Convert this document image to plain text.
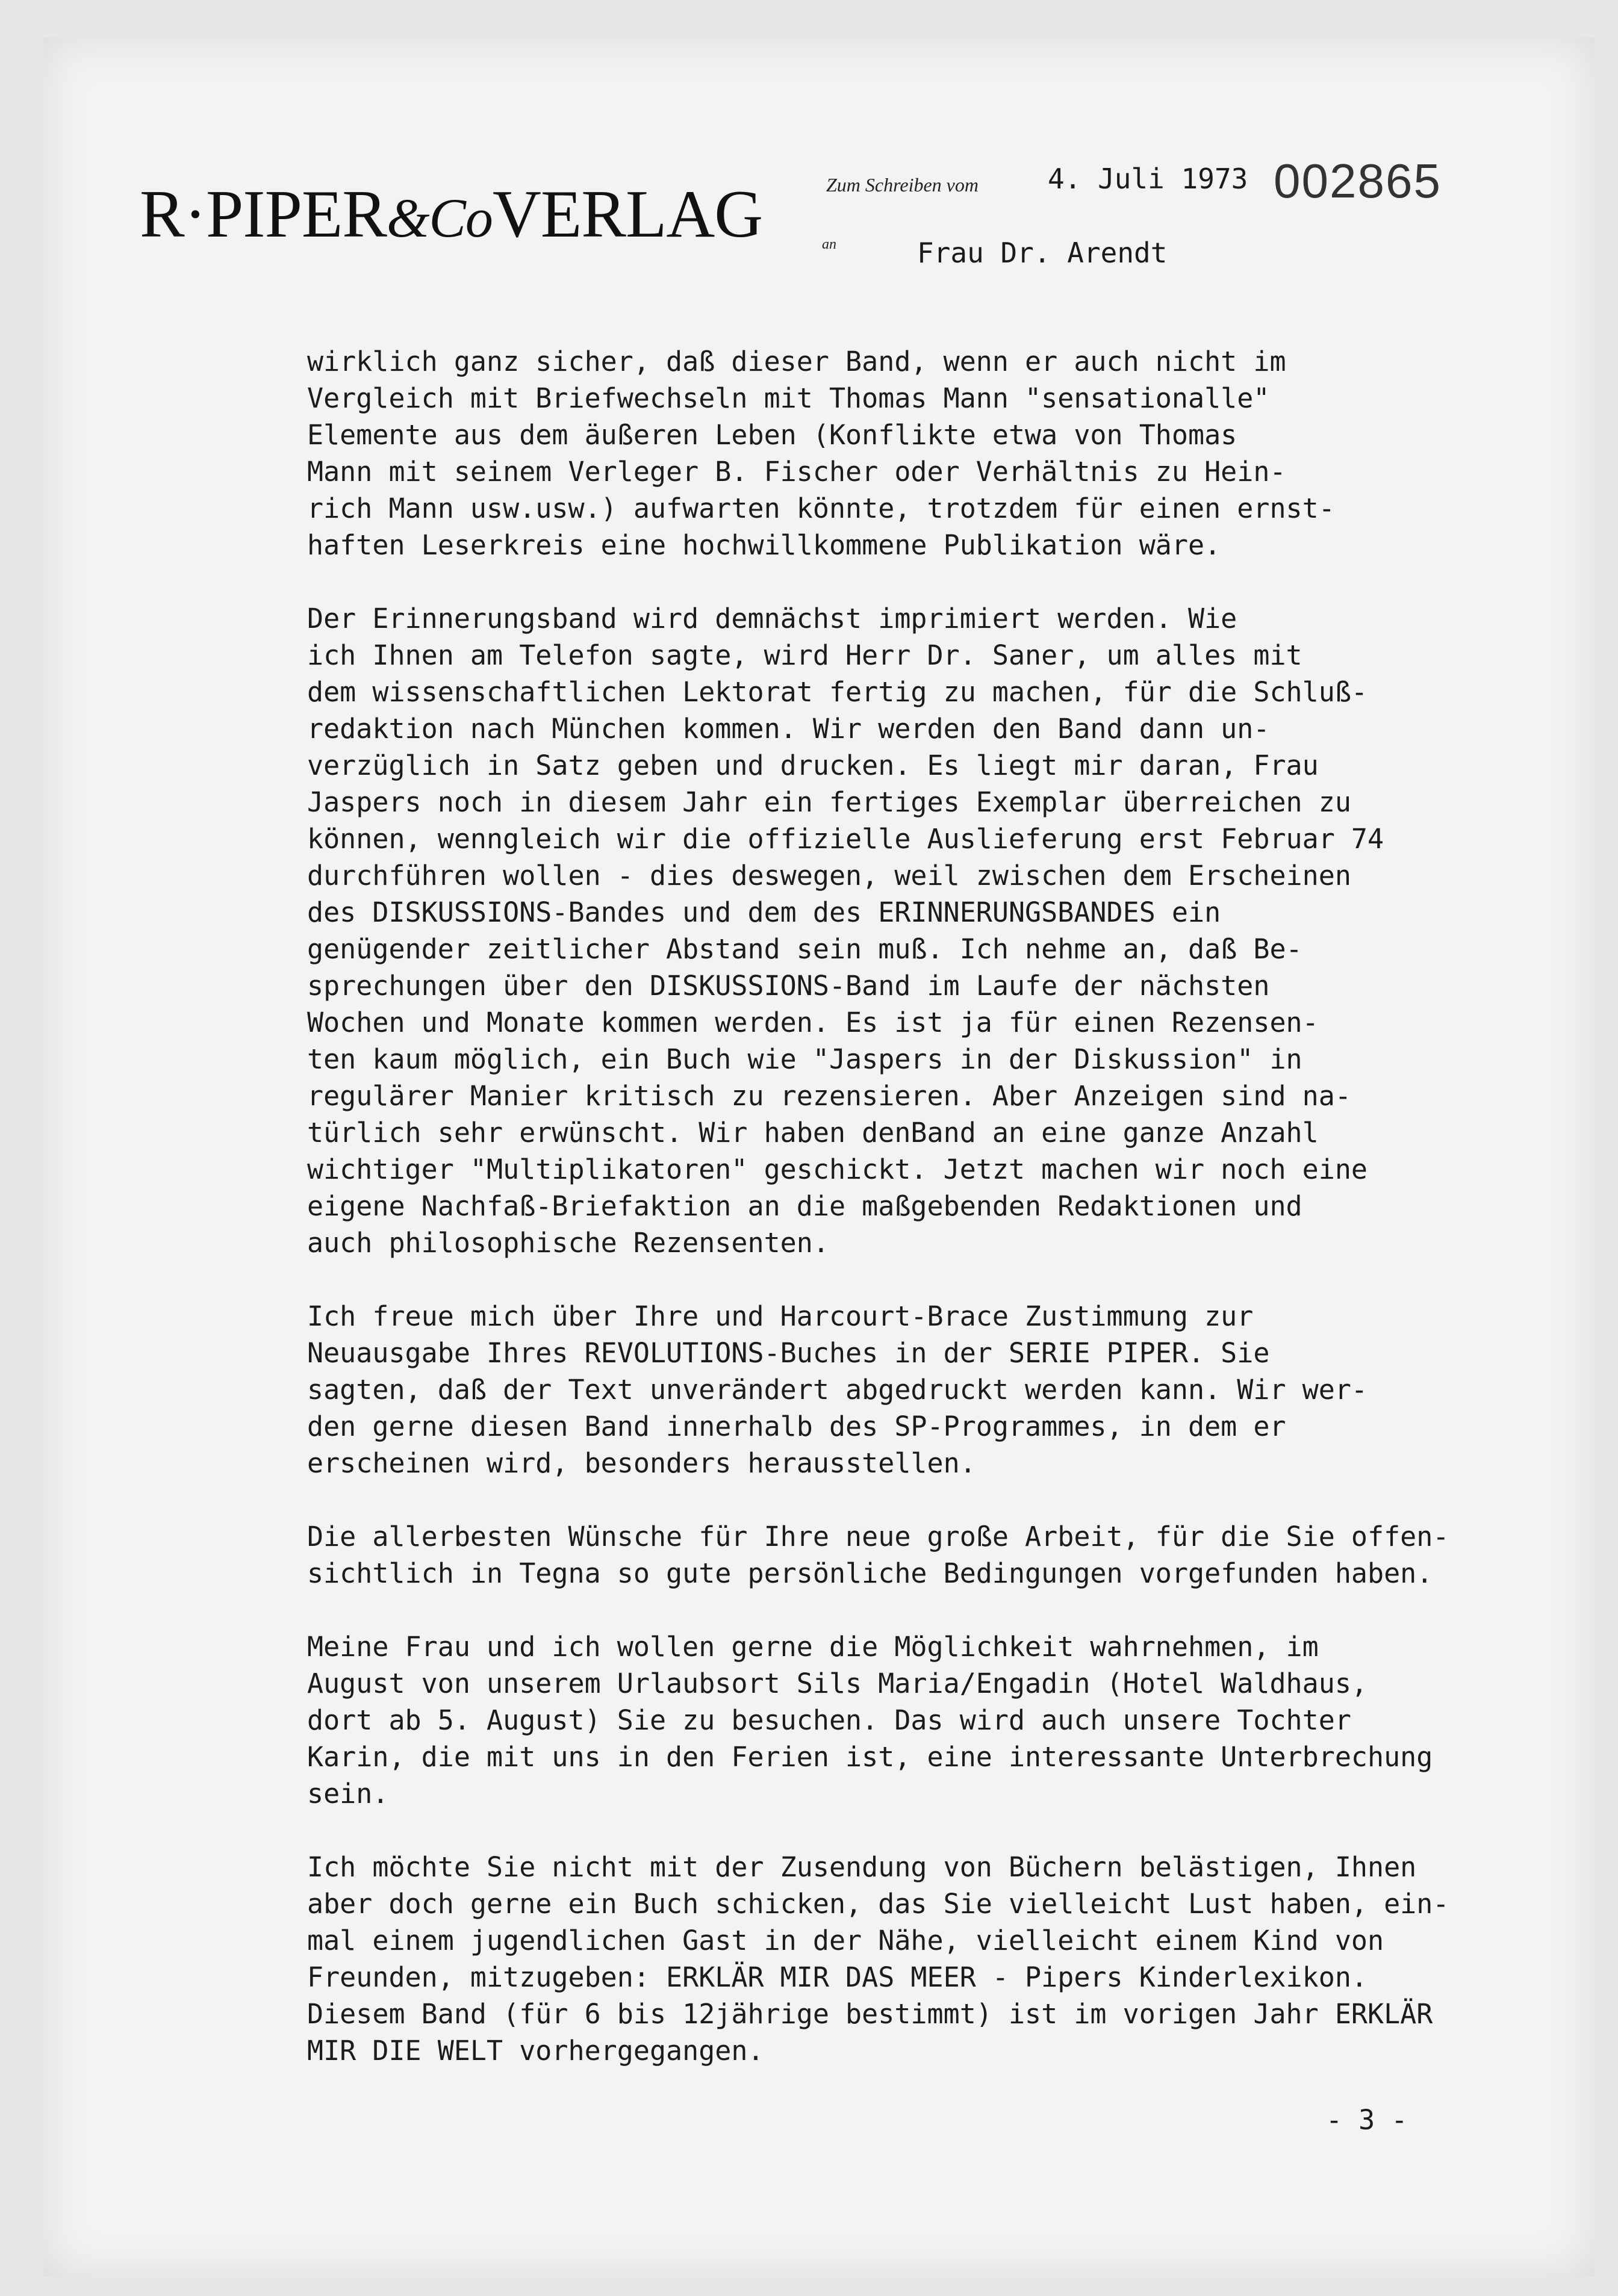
R·PIPER&CoVERLAG	Zum Schreiben vom	4. Juli 1973 002865
an	Frau Dr. Arendt
wirklich ganz sicher, daß dieser Band, wenn er auch nicht im
Vergleich mit Briefwechseln mit Thomas Mann "sensationalle"
Elemente aus dem äußeren Leben (Konflikte etwa von Thomas
Mann mit seinem Verleger B. Fischer oder Verhältnis zu Hein-
rich Mann usw.usw.) aufwarten könnte, trotzdem für einen ernst-
haften Leserkreis eine hochwillkommene Publikation wäre.
Der Erinnerungsband wird demnächst imprimiert werden. Wie
ich Ihnen am Telefon sagte, wird Herr Dr. Saner, um alles mit
dem wissenschaftlichen Lektorat fertig zu machen, für die Schluß-
redaktion nach München kommen. Wir werden den Band dann un-
verzüglich in Satz geben und drucken. Es liegt mir daran, Frau
Jaspers noch in diesem Jahr ein fertiges Exemplar überreichen zu
können, wenngleich wir die offizielle Auslieferung erst Februar 74
durchführen wollen - dies deswegen, weil zwischen dem Erscheinen
des DISKUSSIONS-Bandes und dem des ERINNERUNGSBANDES ein
genügender zeitlicher Abstand sein muß. Ich nehme an, daß Be-
sprechungen über den DISKUSSIONS-Band im Laufe der nächsten
Wochen und Monate kommen werden. Es ist ja für einen Rezensen-
ten kaum möglich, ein Buch wie "Jaspers in der Diskussion" in
regulärer Manier kritisch zu rezensieren. Aber Anzeigen sind na-
türlich sehr erwünscht. Wir haben denBand an eine ganze Anzahl
wichtiger "Multiplikatoren" geschickt. Jetzt machen wir noch eine
eigene Nachfaß-Briefaktion an die maßgebenden Redaktionen und
auch philosophische Rezensenten.
Ich freue mich über Ihre und Harcourt-Brace Zustimmung zur
Neuausgabe Ihres REVOLUTIONS-Buches in der SERIE PIPER. Sie
sagten, daß der Text unverändert abgedruckt werden kann. Wir wer-
den gerne diesen Band innerhalb des SP-Programmes, in dem er
erscheinen wird, besonders herausstellen.
Die allerbesten Wünsche für Ihre neue große Arbeit, für die Sie offen-
sichtlich in Tegna so gute persönliche Bedingungen vorgefunden haben.
Meine Frau und ich wollen gerne die Möglichkeit wahrnehmen, im
August von unserem Urlaubsort Sils Maria/Engadin (Hotel Waldhaus,
dort ab 5. August) Sie zu besuchen. Das wird auch unsere Tochter
Karin, die mit uns in den Ferien ist, eine interessante Unterbrechung
sein.
Ich möchte Sie nicht mit der Zusendung von Büchern belästigen, Ihnen
aber doch gerne ein Buch schicken, das Sie vielleicht Lust haben, ein-
mal einem jugendlichen Gast in der Nähe, vielleicht einem Kind von
Freunden, mitzugeben: ERKLÄR MIR DAS MEER - Pipers Kinderlexikon.
Diesem Band (für 6 bis 12jährige bestimmt) ist im vorigen Jahr ERKLÄR
MIR DIE WELT vorhergegangen.
- 3 -
